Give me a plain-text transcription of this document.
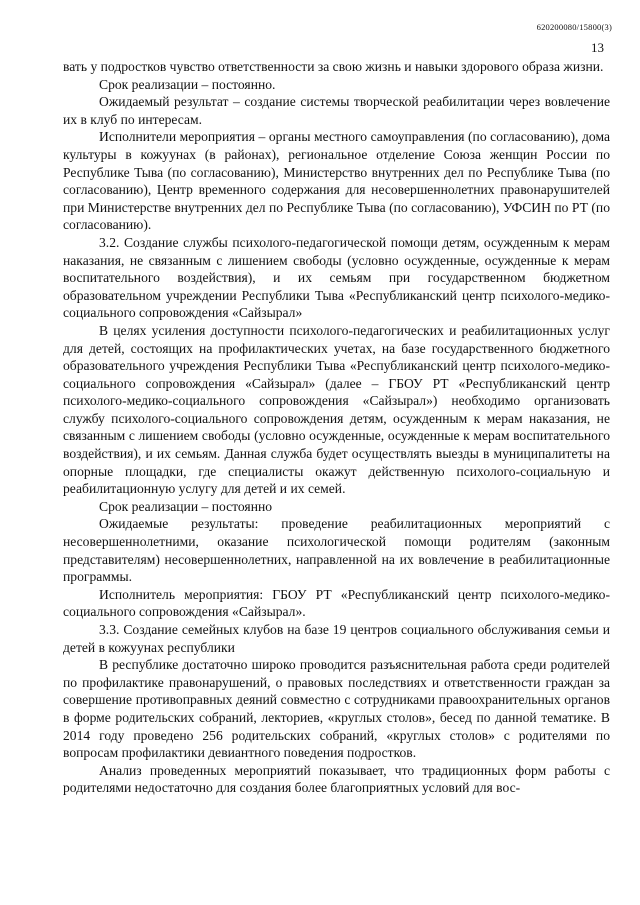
620200080/15800(3)
13

вать у подростков чувство ответственности за свою жизнь и навыки здорового образа жизни.

Срок реализации – постоянно.

Ожидаемый результат – создание системы творческой реабилитации через вовлечение их в клуб по интересам.

Исполнители мероприятия – органы местного самоуправления (по согласованию), дома культуры в кожуунах (в районах), региональное отделение Союза женщин России по Республике Тыва (по согласованию), Министерство внутренних дел по Республике Тыва (по согласованию), Центр временного содержания для несовершеннолетних правонарушителей при Министерстве внутренних дел по Республике Тыва (по согласованию), УФСИН по РТ (по согласованию).

3.2. Создание службы психолого-педагогической помощи детям, осужденным к мерам наказания, не связанным с лишением свободы (условно осужденные, осужденные к мерам воспитательного воздействия), и их семьям при государственном бюджетном образовательном учреждении Республики Тыва «Республиканский центр психолого-медико-социального сопровождения «Сайзырал»

В целях усиления доступности психолого-педагогических и реабилитационных услуг для детей, состоящих на профилактических учетах, на базе государственного бюджетного образовательного учреждения Республики Тыва «Республиканский центр психолого-медико-социального сопровождения «Сайзырал» (далее – ГБОУ РТ «Республиканский центр психолого-медико-социального сопровождения «Сайзырал») необходимо организовать службу психолого-социального сопровождения детям, осужденным к мерам наказания, не связанным с лишением свободы (условно осужденные, осужденные к мерам воспитательного воздействия), и их семьям. Данная служба будет осуществлять выезды в муниципалитеты на опорные площадки, где специалисты окажут действенную психолого-социальную и реабилитационную услугу для детей и их семей.

Срок реализации – постоянно

Ожидаемые результаты: проведение реабилитационных мероприятий с несовершеннолетними, оказание психологической помощи родителям (законным представителям) несовершеннолетних, направленной на их вовлечение в реабилитационные программы.

Исполнитель мероприятия: ГБОУ РТ «Республиканский центр психолого-медико-социального сопровождения «Сайзырал».

3.3. Создание семейных клубов на базе 19 центров социального обслуживания семьи и детей в кожуунах республики

В республике достаточно широко проводится разъяснительная работа среди родителей по профилактике правонарушений, о правовых последствиях и ответственности граждан за совершение противоправных деяний совместно с сотрудниками правоохранительных органов в форме родительских собраний, лекториев, «круглых столов», бесед по данной тематике. В 2014 году проведено 256 родительских собраний, «круглых столов» с родителями по вопросам профилактики девиантного поведения подростков.

Анализ проведенных мероприятий показывает, что традиционных форм работы с родителями недостаточно для создания более благоприятных условий для вос-
